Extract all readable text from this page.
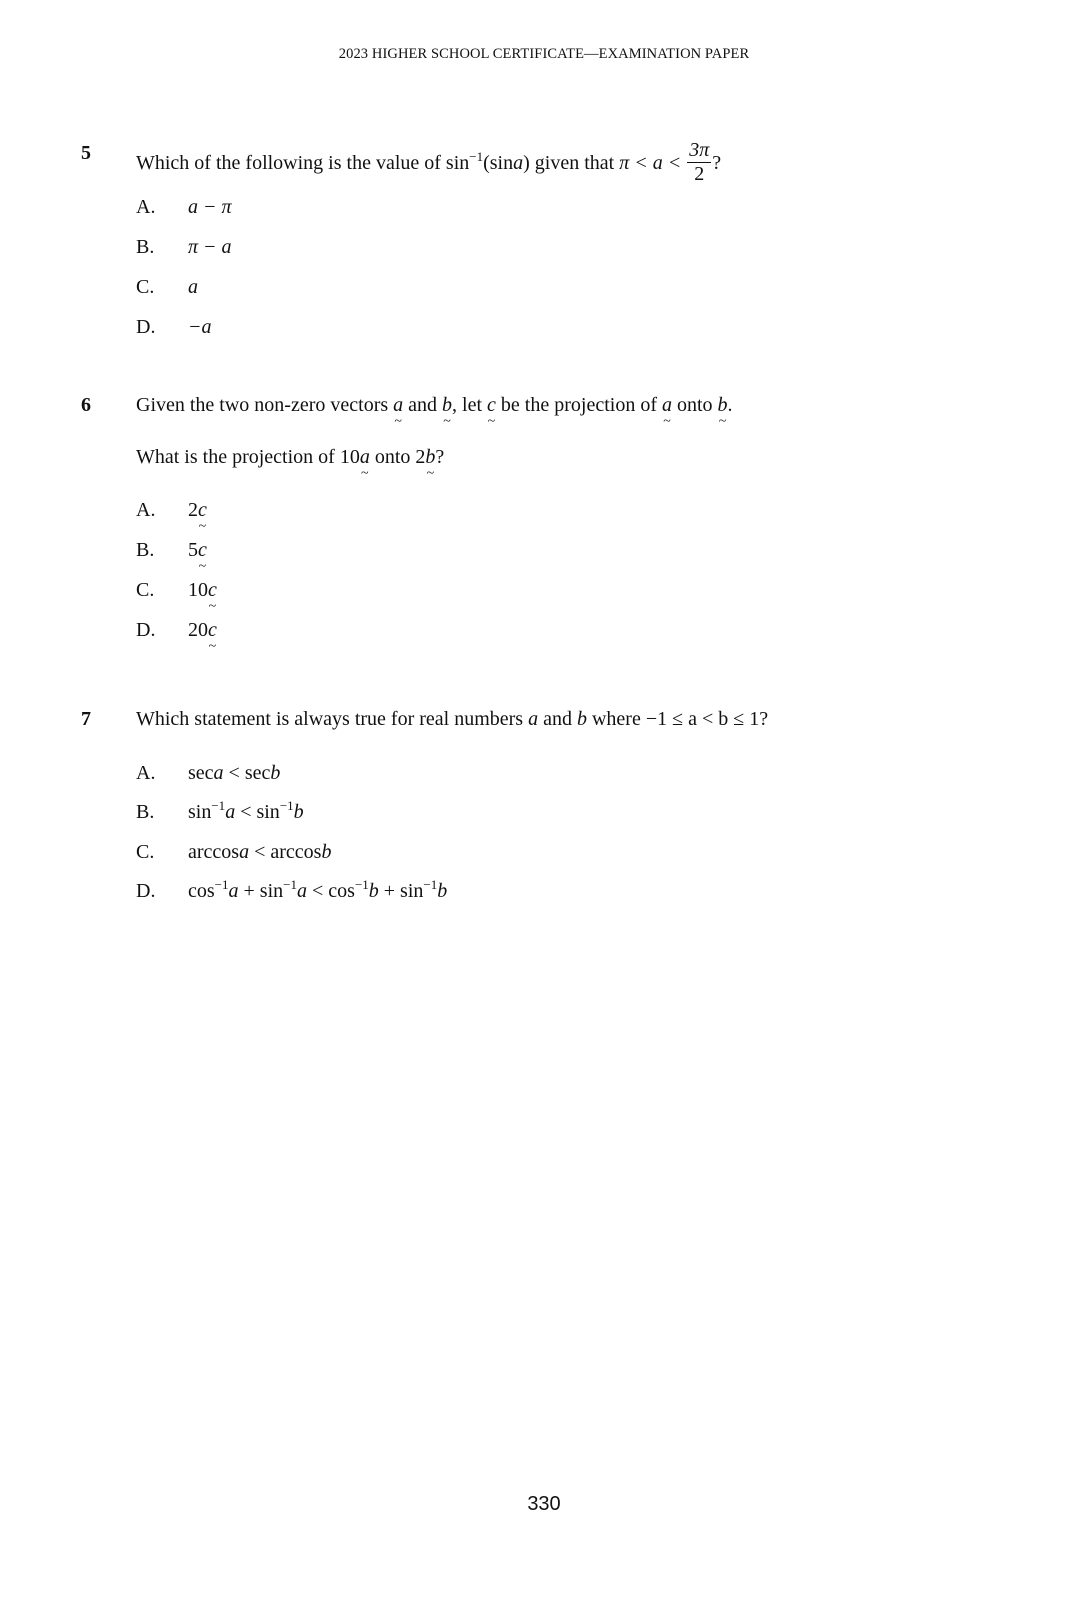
2023 HIGHER SCHOOL CERTIFICATE—EXAMINATION PAPER
5 Which of the following is the value of $\sin^{-1}(\sin a)$ given that $\pi < a < \frac{3\pi}{2}$ ?
A. a − π
B. π − a
C. a
D. −a
6 Given the two non-zero vectors a ~ and b ~, let c ~ be the projection of a ~ onto b ~.
What is the projection of 10a ~ onto 2b ~?
A. 2c ~
B. 5c ~
C. 10c ~
D. 20c ~
7 Which statement is always true for real numbers a and b where −1 ≤ a < b ≤ 1?
A. seca < secb
B. $\sin^{-1}a < \sin^{-1}b$
C. arccosa < arccosb
D. $\cos^{-1}a + \sin^{-1}a < \cos^{-1}b + \sin^{-1}b$
330
